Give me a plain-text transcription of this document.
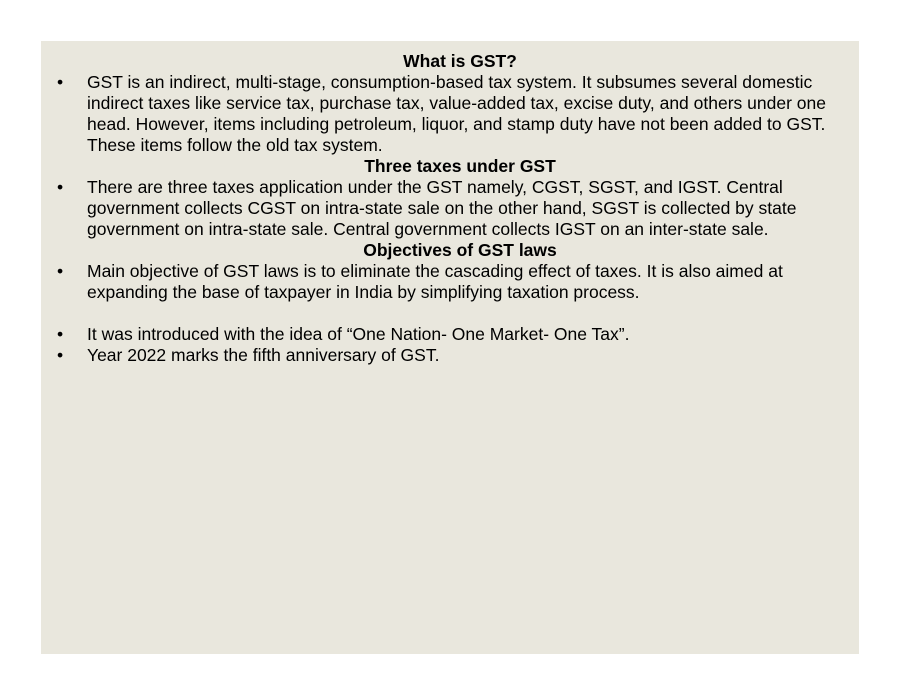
What is GST?

• GST is an indirect, multi-stage, consumption-based tax system. It subsumes several domestic indirect taxes like service tax, purchase tax, value-added tax, excise duty, and others under one head. However, items including petroleum, liquor, and stamp duty have not been added to GST. These items follow the old tax system.

Three taxes under GST

• There are three taxes application under the GST namely, CGST, SGST, and IGST. Central government collects CGST on intra-state sale on the other hand, SGST is collected by state government on intra-state sale. Central government collects IGST on an inter-state sale.

Objectives of GST laws

• Main objective of GST laws is to eliminate the cascading effect of taxes. It is also aimed at expanding the base of taxpayer in India by simplifying taxation process.

• It was introduced with the idea of “One Nation- One Market- One Tax”.

• Year 2022 marks the fifth anniversary of GST.
